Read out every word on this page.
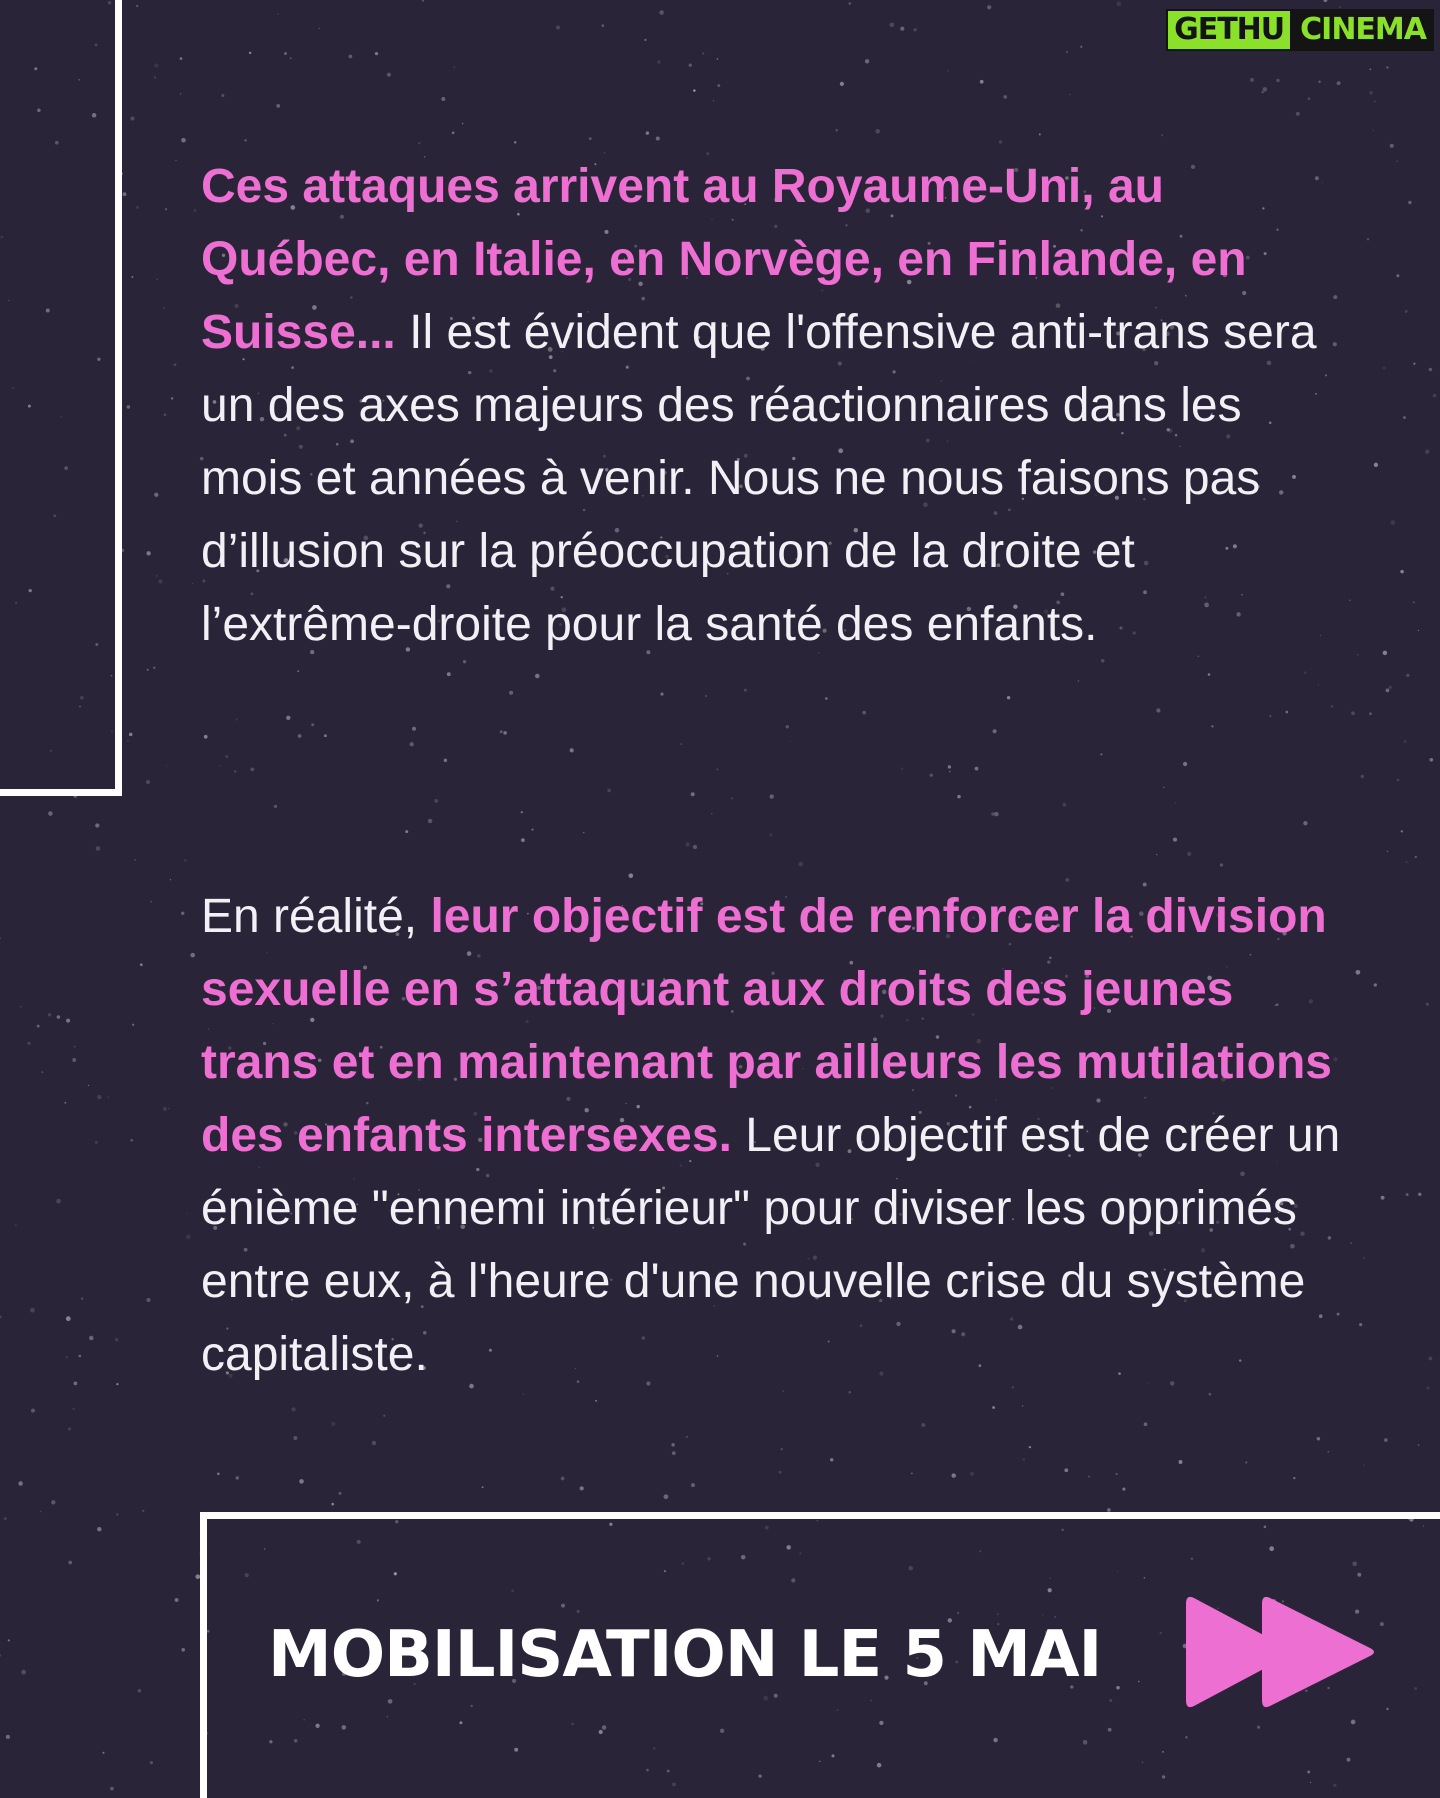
GETHU CINEMA
Ces attaques arrivent au Royaume-Uni, au Québec, en Italie, en Norvège, en Finlande, en Suisse... Il est évident que l'offensive anti-trans sera un des axes majeurs des réactionnaires dans les mois et années à venir. Nous ne nous faisons pas d’illusion sur la préoccupation de la droite et l’extrême-droite pour la santé des enfants.
En réalité, leur objectif est de renforcer la division sexuelle en s’attaquant aux droits des jeunes trans et en maintenant par ailleurs les mutilations des enfants intersexes. Leur objectif est de créer un énième "ennemi intérieur" pour diviser les opprimés entre eux, à l'heure d'une nouvelle crise du système capitaliste.
MOBILISATION LE 5 MAI
